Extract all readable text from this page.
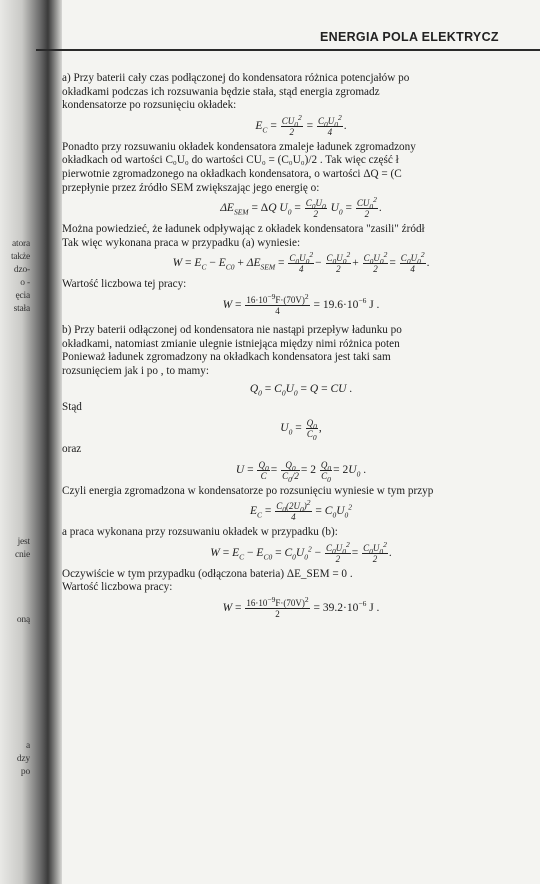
atora
także
dzo-
o -
ęcia
stała
jest
cnie
oną
a
dzy
po
ENERGIA POLA ELEKTRYCZ

a) Przy baterii cały czas podłączonej do kondensatora różnica potencjałów po

okładkami podczas ich rozsuwania będzie stała, stąd energia zgromadz

kondensatorze po rozsunięciu okładek:

$E_C = \frac{CU_0^2}{2} = \frac{C_0U_0^2}{4}$ .

Ponadto przy rozsuwaniu okładek kondensatora zmaleje ładunek zgromadzony

okładkach od wartości C₀U₀ do wartości CU₀ = (C₀U₀)/2 . Tak więc część ł

pierwotnie zgromadzonego na okładkach kondensatora, o wartości ΔQ = (C

przepłynie przez źródło SEM zwiększając jego energię o:

$\Delta E_{SEM} = \Delta Q$ $U_0 = \frac{C_0U_0}{2} U_0 = \frac{CU_0^2}{2}$ .

Można powiedzieć, że ładunek odpływając z okładek kondensatora "zasili" źródł

Tak więc wykonana praca w przypadku (a) wyniesie:

$W = E_C - E_{C0} + \Delta E_{SEM} = \frac{C_0U_0^2}{4} - \frac{C_0U_0^2}{2} + \frac{C_0U_0^2}{2} = \frac{C_0U_0^2}{4}$ .

Wartość liczbowa tej pracy:

$W = \frac{16\cdot 10^{-9}F\cdot(70V)^2}{4} = 19.6\cdot 10^{-6}$ J .

b) Przy baterii odłączonej od kondensatora nie nastąpi przepływ ładunku po

okładkami, natomiast zmianie ulegnie istniejąca między nimi różnica poten

Ponieważ ładunek zgromadzony na okładkach kondensatora jest taki sam

rozsunięciem jak i po , to mamy:

$Q_0 = C_0U_0 = Q$ = CU .

Stąd

$U_0 = \frac{Q_0}{C_0}$ ,

oraz

$U = \frac{Q_0}{C} = \frac{Q_0}{C_0/2} = 2 \frac{Q_0}{C_0} = 2U_0$ .

Czyli energia zgromadzona w kondensatorze po rozsunięciu wyniesie w tym przyp

$E_C = \frac{C_0(2U_0)^2}{4} = C_0U_0^2$

a praca wykonana przy rozsuwaniu okładek w przypadku (b):

$W = E_C - E_{C0} = C_0U_0^2 - \frac{C_0U_0^2}{2} = \frac{C_0U_0^2}{2}$ .

Oczywiście w tym przypadku (odłączona bateria) ΔE_SEM = 0 .

Wartość liczbowa pracy:

$W = \frac{16\cdot 10^{-9}F\cdot(70V)^2}{2} = 39.2\cdot 10^{-6}$ J .
